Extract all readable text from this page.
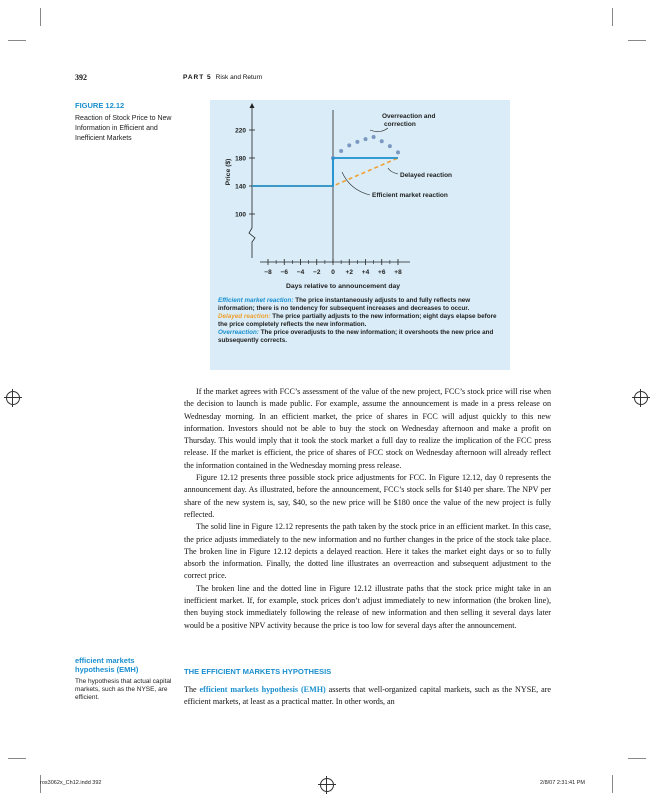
392	PART 5 Risk and Return
FIGURE 12.12
Reaction of Stock Price to New Information in Efficient and Inefficient Markets
100
140
180
220
−8 −6 −4 −2 0 +2 +4 +6 +8
Days relative to announcement day
Price ($)
Overreaction and correction
Delayed reaction
Efficient market reaction
Efficient market reaction: The price instantaneously adjusts to and fully reflects new information; there is no tendency for subsequent increases and decreases to occur.
Delayed reaction: The price partially adjusts to the new information; eight days elapse before the price completely reflects the new information.
Overreaction: The price overadjusts to the new information; it overshoots the new price and subsequently corrects.

If the market agrees with FCC’s assessment of the value of the new project, FCC’s stock price will rise when the decision to launch is made public. For example, assume the announcement is made in a press release on Wednesday morning. In an efficient market, the price of shares in FCC will adjust quickly to this new information. Investors should not be able to buy the stock on Wednesday afternoon and make a profit on Thursday. This would imply that it took the stock market a full day to realize the implication of the FCC press release. If the market is efficient, the price of shares of FCC stock on Wednesday afternoon will already reflect the information contained in the Wednesday morning press release.

Figure 12.12 presents three possible stock price adjustments for FCC. In Figure 12.12, day 0 represents the announcement day. As illustrated, before the announcement, FCC’s stock sells for $140 per share. The NPV per share of the new system is, say, $40, so the new price will be $180 once the value of the new project is fully reflected.

The solid line in Figure 12.12 represents the path taken by the stock price in an efficient market. In this case, the price adjusts immediately to the new information and no further changes in the price of the stock take place. The broken line in Figure 12.12 depicts a delayed reaction. Here it takes the market eight days or so to fully absorb the information. Finally, the dotted line illustrates an overreaction and subsequent adjustment to the correct price.

The broken line and the dotted line in Figure 12.12 illustrate paths that the stock price might take in an inefficient market. If, for example, stock prices don’t adjust immediately to new information (the broken line), then buying stock immediately following the release of new information and then selling it several days later would be a positive NPV activity because the price is too low for several days after the announcement.

THE EFFICIENT MARKETS HYPOTHESIS

The efficient markets hypothesis (EMH) asserts that well-organized capital markets, such as the NYSE, are efficient markets, at least as a practical matter. In other words, an

efficient markets hypothesis (EMH)
The hypothesis that actual capital markets, such as the NYSE, are efficient.
ros3062x_Ch12.indd 392	2/8/07 2:31:41 PM
